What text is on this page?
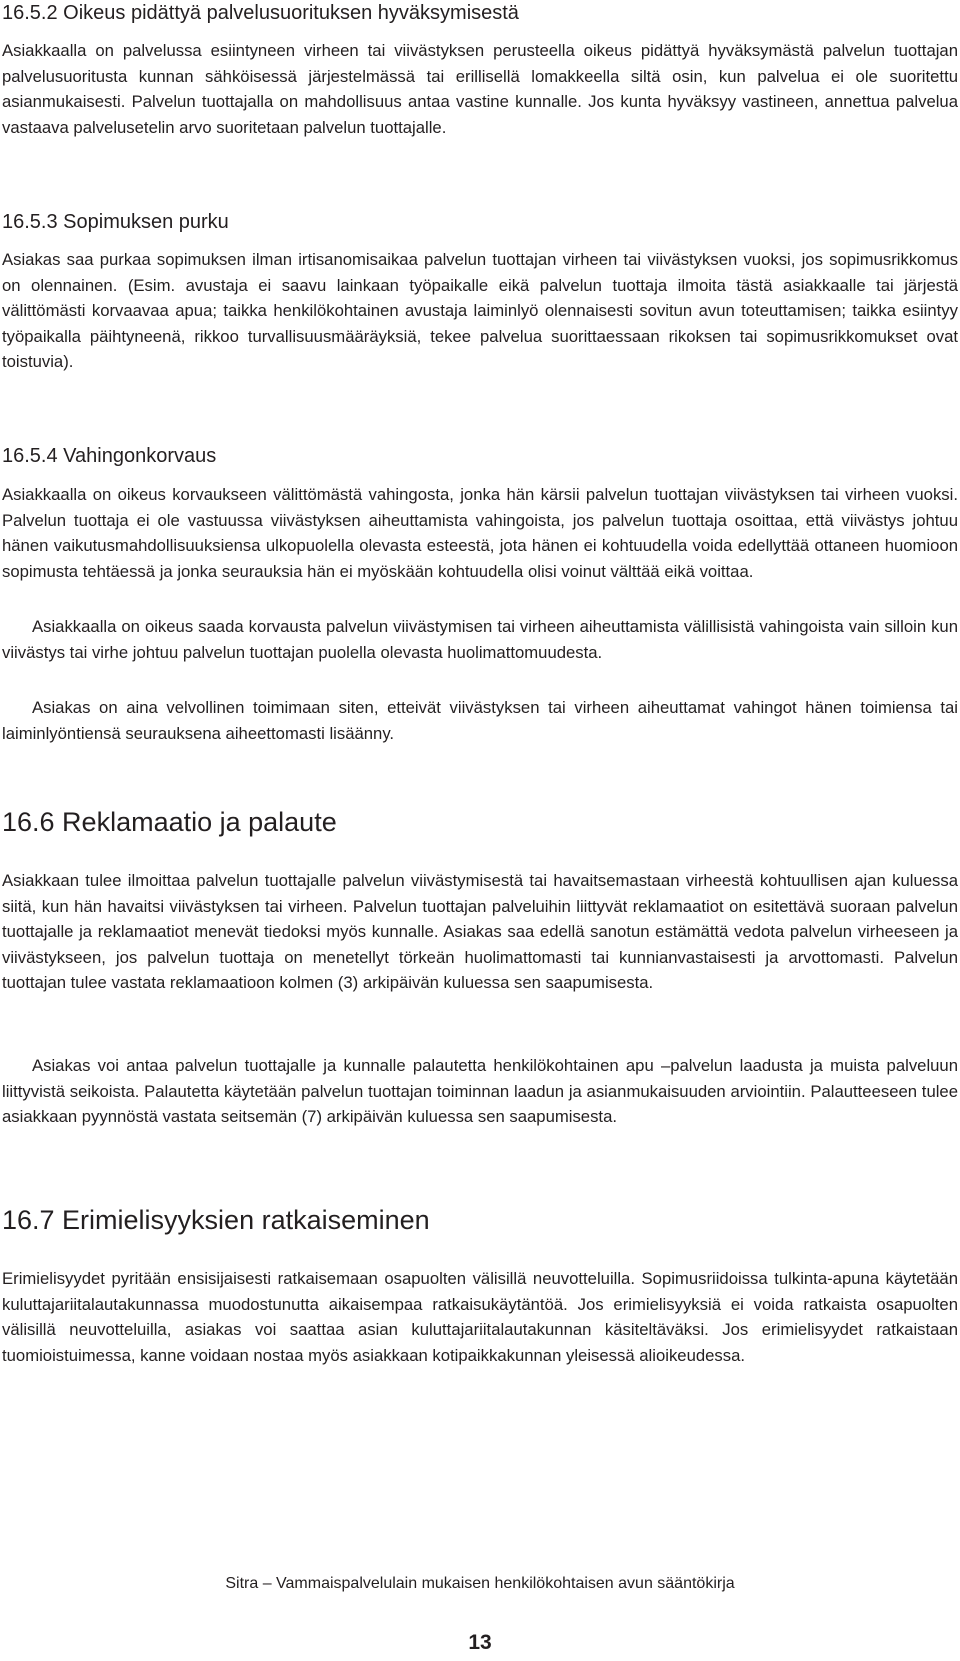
16.5.2 Oikeus pidättyä palvelusuorituksen hyväksymisestä

Asiakkaalla on palvelussa esiintyneen virheen tai viivästyksen perusteella oikeus pidättyä hyväksymästä palvelun tuottajan palvelusuoritusta kunnan sähköisessä järjestelmässä tai erillisellä lomakkeella siltä osin, kun palvelua ei ole suoritettu asianmukaisesti. Palvelun tuottajalla on mahdollisuus antaa vastine kunnalle. Jos kunta hyväksyy vastineen, annettua palvelua vastaava palvelusetelin arvo suoritetaan palvelun tuottajalle.

16.5.3 Sopimuksen purku

Asiakas saa purkaa sopimuksen ilman irtisanomisaikaa palvelun tuottajan virheen tai viivästyksen vuoksi, jos sopimusrikkomus on olennainen. (Esim. avustaja ei saavu lainkaan työpaikalle eikä palvelun tuottaja ilmoita tästä asiakkaalle tai järjestä välittömästi korvaavaa apua; taikka henkilökohtainen avustaja laiminlyö olennaisesti sovitun avun toteuttamisen; taikka esiintyy työpaikalla päihtyneenä, rikkoo turvallisuusmääräyksiä, tekee palvelua suorittaessaan rikoksen tai sopimusrikkomukset ovat toistuvia).

16.5.4 Vahingonkorvaus

Asiakkaalla on oikeus korvaukseen välittömästä vahingosta, jonka hän kärsii palvelun tuottajan viivästyksen tai virheen vuoksi. Palvelun tuottaja ei ole vastuussa viivästyksen aiheuttamista vahingoista, jos palvelun tuottaja osoittaa, että viivästys johtuu hänen vaikutusmahdollisuuksiensa ulkopuolella olevasta esteestä, jota hänen ei kohtuudella voida edellyttää ottaneen huomioon sopimusta tehtäessä ja jonka seurauksia hän ei myöskään kohtuudella olisi voinut välttää eikä voittaa.

Asiakkaalla on oikeus saada korvausta palvelun viivästymisen tai virheen aiheuttamista välillisistä vahingoista vain silloin kun viivästys tai virhe johtuu palvelun tuottajan puolella olevasta huolimattomuudesta.

Asiakas on aina velvollinen toimimaan siten, etteivät viivästyksen tai virheen aiheuttamat vahingot hänen toimiensa tai laiminlyöntiensä seurauksena aiheettomasti lisäänny.

16.6 Reklamaatio ja palaute

Asiakkaan tulee ilmoittaa palvelun tuottajalle palvelun viivästymisestä tai havaitsemastaan virheestä kohtuullisen ajan kuluessa siitä, kun hän havaitsi viivästyksen tai virheen. Palvelun tuottajan palveluihin liittyvät reklamaatiot on esitettävä suoraan palvelun tuottajalle ja reklamaatiot menevät tiedoksi myös kunnalle. Asiakas saa edellä sanotun estämättä vedota palvelun virheeseen ja viivästykseen, jos palvelun tuottaja on menetellyt törkeän huolimattomasti tai kunnianvastaisesti ja arvottomasti. Palvelun tuottajan tulee vastata reklamaatioon kolmen (3) arkipäivän kuluessa sen saapumisesta.

Asiakas voi antaa palvelun tuottajalle ja kunnalle palautetta henkilökohtainen apu –palvelun laadusta ja muista palveluun liittyvistä seikoista. Palautetta käytetään palvelun tuottajan toiminnan laadun ja asianmukaisuuden arviointiin. Palautteeseen tulee asiakkaan pyynnöstä vastata seitsemän (7) arkipäivän kuluessa sen saapumisesta.

16.7 Erimielisyyksien ratkaiseminen

Erimielisyydet pyritään ensisijaisesti ratkaisemaan osapuolten välisillä neuvotteluilla. Sopimusriidoissa tulkinta-apuna käytetään kuluttajariitalautakunnassa muodostunutta aikaisempaa ratkaisukäytäntöä. Jos erimielisyyksiä ei voida ratkaista osapuolten välisillä neuvotteluilla, asiakas voi saattaa asian kuluttajariitalautakunnan käsiteltäväksi. Jos erimielisyydet ratkaistaan tuomioistuimessa, kanne voidaan nostaa myös asiakkaan kotipaikkakunnan yleisessä alioikeudessa.

Sitra – Vammaispalvelulain mukaisen henkilökohtaisen avun sääntökirja
13
